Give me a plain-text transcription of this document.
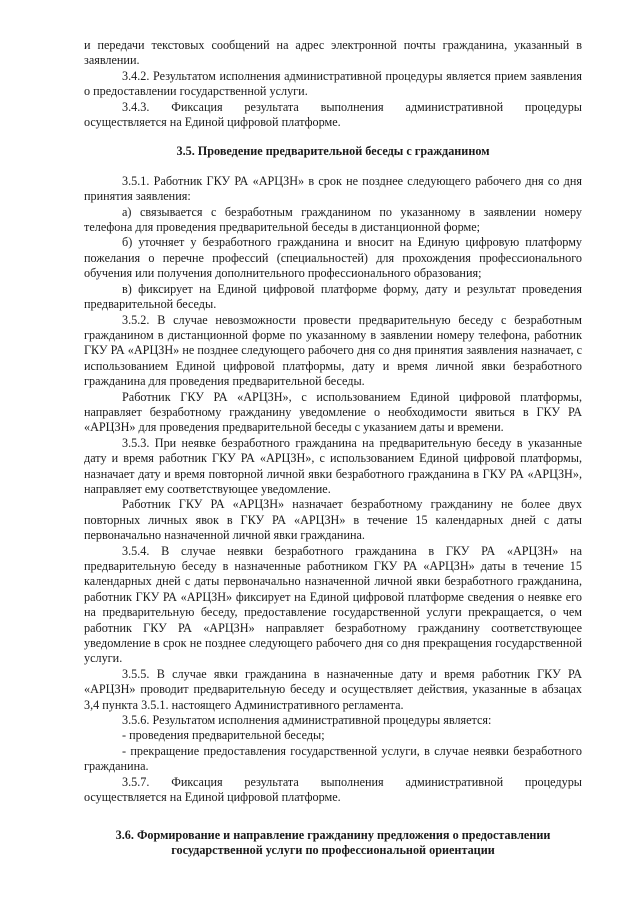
и передачи текстовых сообщений на адрес электронной почты гражданина, указанный в заявлении.

3.4.2. Результатом исполнения административной процедуры является прием заявления о предоставлении государственной услуги.

3.4.3. Фиксация результата выполнения административной процедуры

осуществляется на Единой цифровой платформе.

3.5. Проведение предварительной беседы с гражданином

3.5.1. Работник ГКУ РА «АРЦЗН» в срок не позднее следующего рабочего дня со дня принятия заявления:

а) связывается с безработным гражданином по указанному в заявлении номеру телефона для проведения предварительной беседы в дистанционной форме;

б) уточняет у безработного гражданина и вносит на Единую цифровую платформу пожелания о перечне профессий (специальностей) для прохождения профессионального обучения или получения дополнительного профессионального образования;

в) фиксирует на Единой цифровой платформе форму, дату и результат проведения предварительной беседы.

3.5.2. В случае невозможности провести предварительную беседу с безработным гражданином в дистанционной форме по указанному в заявлении номеру телефона, работник ГКУ РА «АРЦЗН» не позднее следующего рабочего дня со дня принятия заявления назначает, с использованием Единой цифровой платформы, дату и время личной явки безработного гражданина для проведения предварительной беседы.

Работник ГКУ РА «АРЦЗН», с использованием Единой цифровой платформы, направляет безработному гражданину уведомление о необходимости явиться в ГКУ РА «АРЦЗН» для проведения предварительной беседы с указанием даты и времени.

3.5.3. При неявке безработного гражданина на предварительную беседу в указанные дату и время работник ГКУ РА «АРЦЗН», с использованием Единой цифровой платформы, назначает дату и время повторной личной явки безработного гражданина в ГКУ РА «АРЦЗН», направляет ему соответствующее уведомление.

Работник ГКУ РА «АРЦЗН» назначает безработному гражданину не более двух повторных личных явок в ГКУ РА «АРЦЗН» в течение 15 календарных дней с даты первоначально назначенной личной явки гражданина.

3.5.4. В случае неявки безработного гражданина в ГКУ РА «АРЦЗН» на предварительную беседу в назначенные работником ГКУ РА «АРЦЗН» даты в течение 15 календарных дней с даты первоначально назначенной личной явки безработного гражданина, работник ГКУ РА «АРЦЗН» фиксирует на Единой цифровой платформе сведения о неявке его на предварительную беседу, предоставление государственной услуги прекращается, о чем работник ГКУ РА «АРЦЗН» направляет безработному гражданину соответствующее уведомление в срок не позднее следующего рабочего дня со дня прекращения государственной услуги.

3.5.5. В случае явки гражданина в назначенные дату и время работник ГКУ РА «АРЦЗН» проводит предварительную беседу и осуществляет действия, указанные в абзацах 3,4 пункта 3.5.1. настоящего Административного регламента.

3.5.6. Результатом исполнения административной процедуры является:

- проведения предварительной беседы;

- прекращение предоставления государственной услуги, в случае неявки безработного гражданина.

3.5.7. Фиксация результата выполнения административной процедуры

осуществляется на Единой цифровой платформе.

3.6. Формирование и направление гражданину предложения о предоставлении

государственной услуги по профессиональной ориентации
